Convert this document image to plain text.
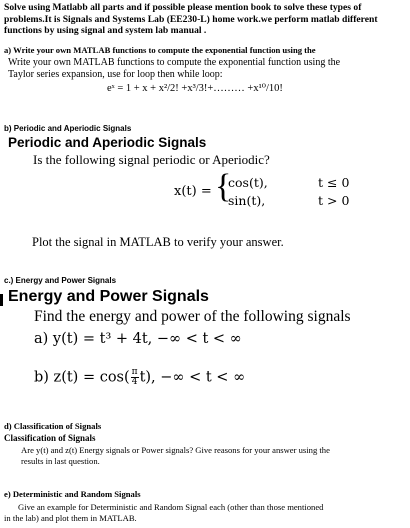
Solve using Matlabb all parts and if possible please mention book to solve these types of problems.It is Signals and Systems Lab (EE230-L) home work.we perform matlab different functions by using signal and system lab manual .
a) Write your own MATLAB functions to compute the exponential function using the
Write your own MATLAB functions to compute the exponential function using the
Taylor series expansion, use for loop then while loop:
eˣ = 1 + x + x²/2! +x³/3!+……… +x¹⁰/10!
b) Periodic and Aperiodic Signals
Periodic and Aperiodic Signals
Is the following signal periodic or Aperiodic?
x(t) = {
cos(t),	t ≤ 0
sin(t),	t > 0
Plot the signal in MATLAB to verify your answer.
c.) Energy and Power Signals
Energy and Power Signals
Find the energy and power of the following signals
a) y(t) = t³ + 4t, −∞ < t < ∞
b) $z(t) = \cos( \frac{\pi}{4} t)$, −∞ < t < ∞
d) Classification of Signals
Classification of Signals
Are y(t) and z(t) Energy signals or Power signals? Give reasons for your answer using the
results in last question.
e) Deterministic and Random Signals
Give an example for Deterministic and Random Signal each (other than those mentioned
in the lab) and plot them in MATLAB.
